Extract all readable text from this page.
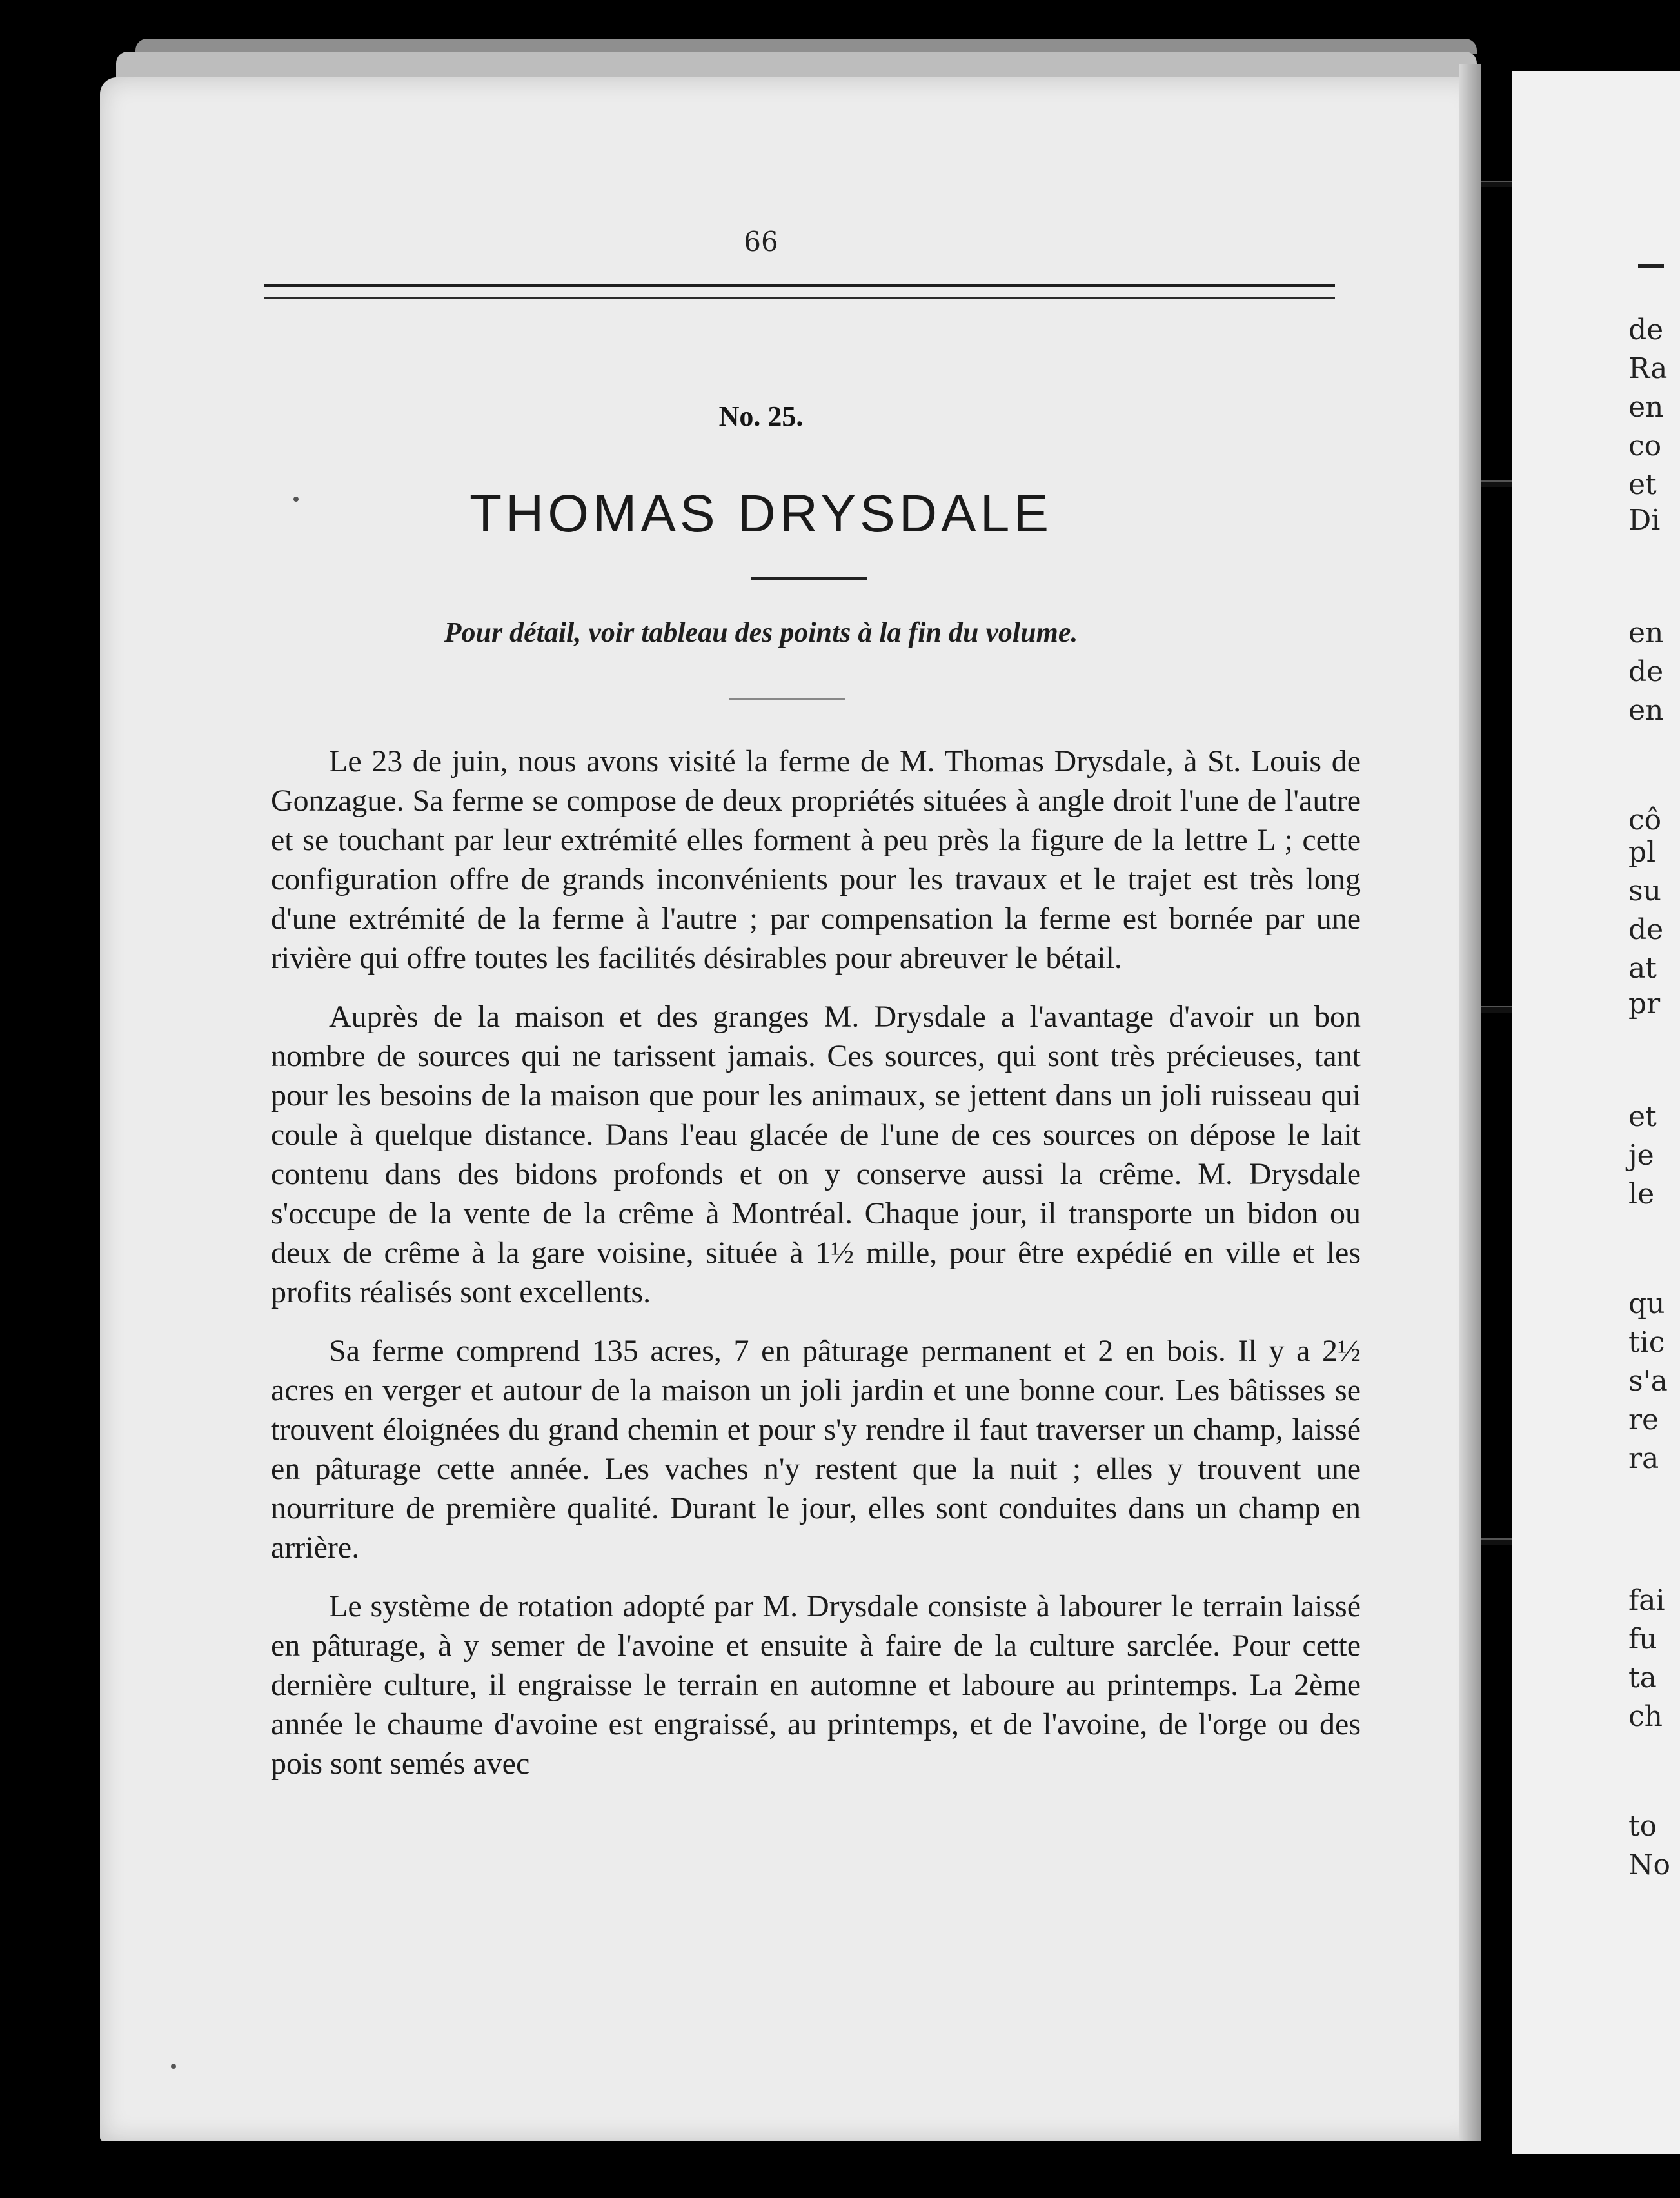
de
Ra
en
co
et
Di
en
de
en
cô
pl
su
de
at
pr
et
je
le
qu
tic
s'a
re
ra
fai
fu
ta
ch
to
No
66
No. 25.
THOMAS DRYSDALE
Pour détail, voir tableau des points à la fin du volume.

Le 23 de juin, nous avons visité la ferme de M. Thomas Drysdale, à St. Louis de Gonzague. Sa ferme se compose de deux propriétés situées à angle droit l'une de l'autre et se touchant par leur extrémité elles forment à peu près la figure de la lettre L ; cette configuration offre de grands inconvénients pour les travaux et le trajet est très long d'une extrémité de la ferme à l'autre ; par compensation la ferme est bornée par une rivière qui offre toutes les facilités désirables pour abreuver le bétail.

Auprès de la maison et des granges M. Drysdale a l'avantage d'avoir un bon nombre de sources qui ne tarissent jamais. Ces sources, qui sont très précieuses, tant pour les besoins de la maison que pour les animaux, se jettent dans un joli ruisseau qui coule à quelque distance. Dans l'eau glacée de l'une de ces sources on dépose le lait contenu dans des bidons profonds et on y conserve aussi la crême. M. Drysdale s'occupe de la vente de la crême à Montréal. Chaque jour, il transporte un bidon ou deux de crême à la gare voisine, située à 1½ mille, pour être expédié en ville et les profits réalisés sont excellents.

Sa ferme comprend 135 acres, 7 en pâturage permanent et 2 en bois. Il y a 2½ acres en verger et autour de la maison un joli jardin et une bonne cour. Les bâtisses se trouvent éloignées du grand chemin et pour s'y rendre il faut traverser un champ, laissé en pâturage cette année. Les vaches n'y restent que la nuit ; elles y trouvent une nourriture de première qualité. Durant le jour, elles sont conduites dans un champ en arrière.

Le système de rotation adopté par M. Drysdale consiste à labourer le terrain laissé en pâturage, à y semer de l'avoine et ensuite à faire de la culture sarclée. Pour cette dernière culture, il engraisse le terrain en automne et laboure au printemps. La 2ème année le chaume d'avoine est engraissé, au printemps, et de l'avoine, de l'orge ou des pois sont semés avec
